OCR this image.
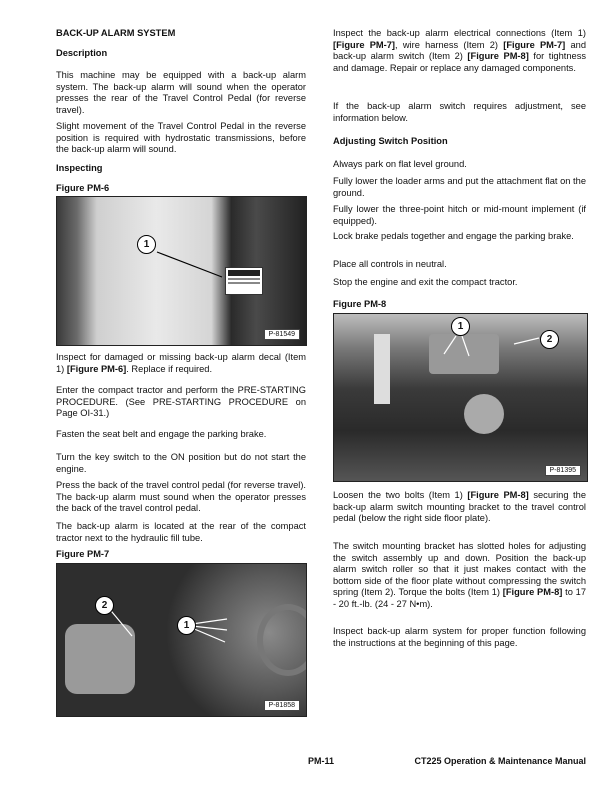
BACK-UP ALARM SYSTEM
Description
This machine may be equipped with a back-up alarm system. The back-up alarm will sound when the operator presses the rear of the Travel Control Pedal (for reverse travel).
Slight movement of the Travel Control Pedal in the reverse position is required with hydrostatic transmissions, before the back-up alarm will sound.
Inspecting
Figure PM-6
1
P-81549
Inspect for damaged or missing back-up alarm decal (Item 1) [Figure PM-6]. Replace if required.
Enter the compact tractor and perform the PRE-STARTING PROCEDURE. (See PRE-STARTING PROCEDURE on Page OI-31.)
Fasten the seat belt and engage the parking brake.
Turn the key switch to the ON position but do not start the engine.
Press the back of the travel control pedal (for reverse travel). The back-up alarm must sound when the operator presses the back of the travel control pedal.
The back-up alarm is located at the rear of the compact tractor next to the hydraulic fill tube.
Figure PM-7
2
1
P-81858
Inspect the back-up alarm electrical connections (Item 1) [Figure PM-7], wire harness (Item 2) [Figure PM-7] and back-up alarm switch (Item 2) [Figure PM-8] for tightness and damage. Repair or replace any damaged components.
If the back-up alarm switch requires adjustment, see information below.
Adjusting Switch Position
Always park on flat level ground.
Fully lower the loader arms and put the attachment flat on the ground.
Fully lower the three-point hitch or mid-mount implement (if equipped).
Lock brake pedals together and engage the parking brake.
Place all controls in neutral.
Stop the engine and exit the compact tractor.
Figure PM-8
1
2
P-81395
Loosen the two bolts (Item 1) [Figure PM-8] securing the back-up alarm switch mounting bracket to the travel control pedal (below the right side floor plate).
The switch mounting bracket has slotted holes for adjusting the switch assembly up and down. Position the back-up alarm switch roller so that it just makes contact with the bottom side of the floor plate without compressing the switch spring (Item 2). Torque the bolts (Item 1) [Figure PM-8] to 17 - 20 ft.-lb. (24 - 27 N•m).
Inspect back-up alarm system for proper function following the instructions at the beginning of this page.
PM-11	CT225 Operation & Maintenance Manual
